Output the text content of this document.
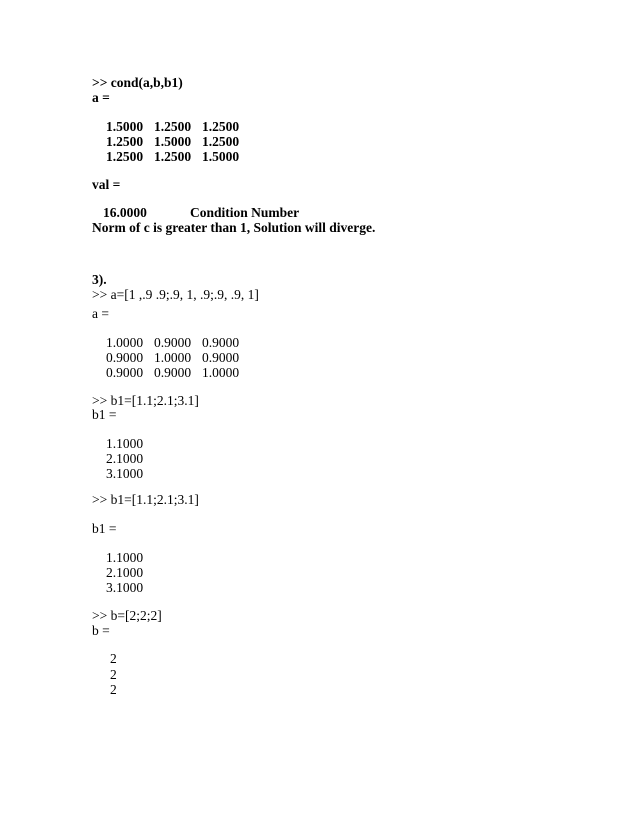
>> cond(a,b,b1)
a =
1.5000 1.2500 1.2500
1.2500 1.5000 1.2500
1.2500 1.2500 1.5000
val =
16.0000	Condition Number
Norm of c is greater than 1, Solution will diverge.
3).
>> a=[1 ,.9 .9;.9, 1, .9;.9, .9, 1]
a =
1.0000 0.9000 0.9000
0.9000 1.0000 0.9000
0.9000 0.9000 1.0000
>> b1=[1.1;2.1;3.1]
b1 =
1.1000
2.1000
3.1000
>> b1=[1.1;2.1;3.1]
b1 =
1.1000
2.1000
3.1000
>> b=[2;2;2]
b =
2
2
2
